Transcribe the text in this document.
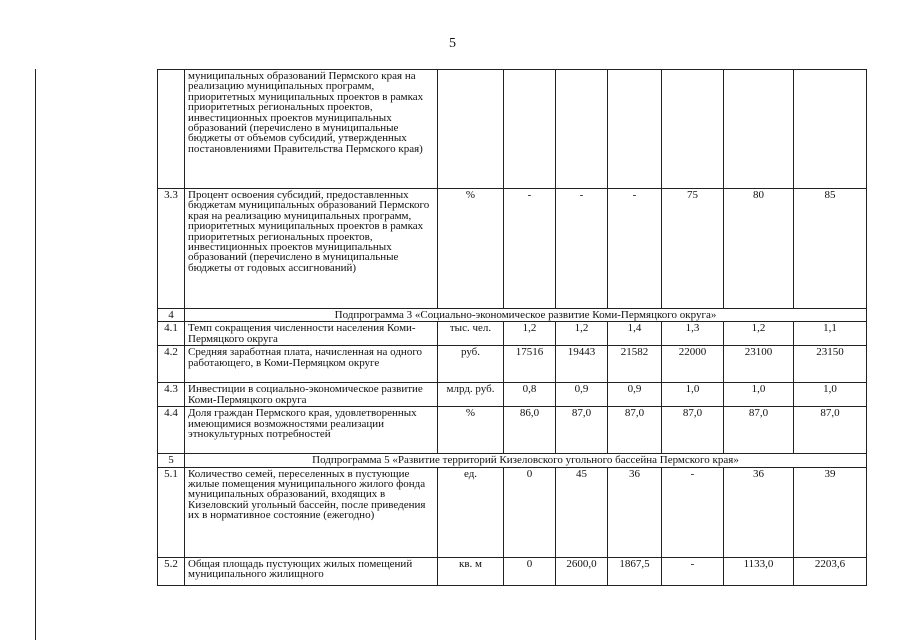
5
	муниципальных образований Пермского края на реализацию муниципальных программ, приоритетных муниципальных проектов в рамках приоритетных региональных проектов, инвестиционных проектов муниципальных образований (перечислено в муниципальные бюджеты от объемов субсидий, утвержденных постановлениями Правительства Пермского края)							
3.3	Процент освоения субсидий, предоставленных бюджетам муниципальных образований Пермского края на реализацию муниципальных программ, приоритетных муниципальных проектов в рамках приоритетных региональных проектов, инвестиционных проектов муниципальных образований (перечислено в муниципальные бюджеты от годовых ассигнований)	%	-	-	-	75	80	85
4	Подпрограмма 3 «Социально-экономическое развитие Коми-Пермяцкого округа»							
4.1	Темп сокращения численности населения Коми-Пермяцкого округа	тыс. чел.	1,2	1,2	1,4	1,3	1,2	1,1
4.2	Средняя заработная плата, начисленная на одного работающего, в Коми-Пермяцком округе	руб.	17516	19443	21582	22000	23100	23150
4.3	Инвестиции в социально-экономическое развитие Коми-Пермяцкого округа	млрд. руб.	0,8	0,9	0,9	1,0	1,0	1,0
4.4	Доля граждан Пермского края, удовлетворенных имеющимися возможностями реализации этнокультурных потребностей	%	86,0	87,0	87,0	87,0	87,0	87,0
5	Подпрограмма 5 «Развитие территорий Кизеловского угольного бассейна Пермского края»							
5.1	Количество семей, переселенных в пустующие жилые помещения муниципального жилого фонда муниципальных образований, входящих в Кизеловский угольный бассейн, после приведения их в нормативное состояние (ежегодно)	ед.	0	45	36	-	36	39
5.2	Общая площадь пустующих жилых помещений муниципального жилищного	кв. м	0	2600,0	1867,5	-	1133,0	2203,6
